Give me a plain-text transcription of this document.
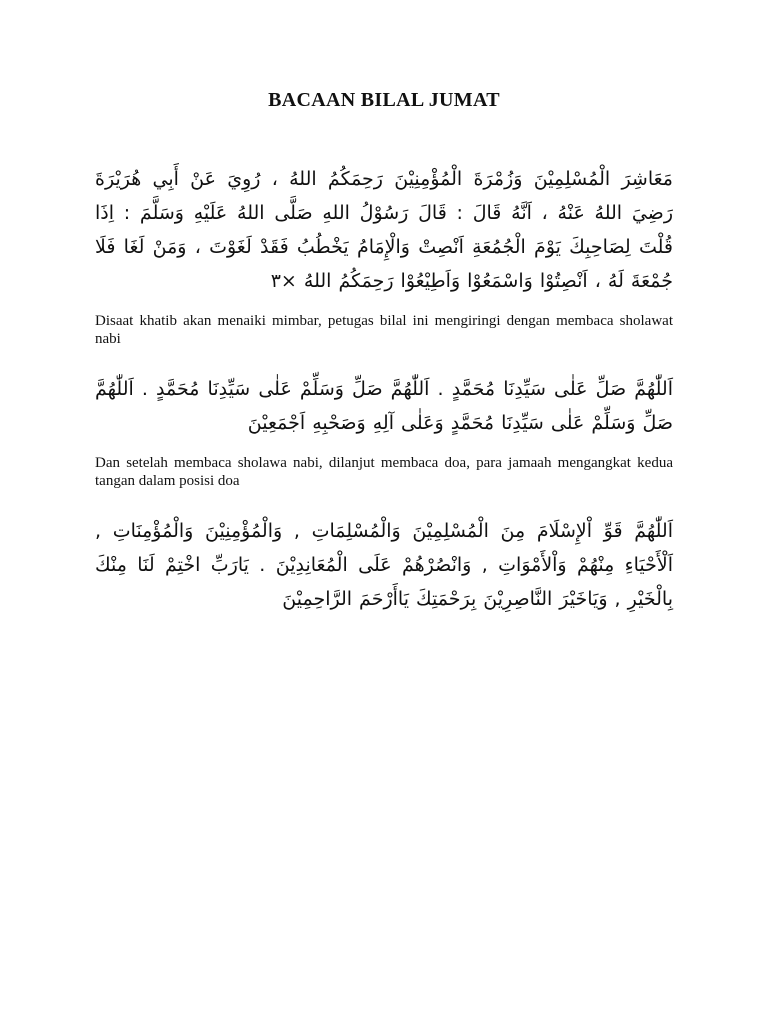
BACAAN BILAL JUMAT

مَعَاشِرَ الْمُسْلِمِيْنَ وَزُمْرَةَ الْمُؤْمِنِيْنَ رَحِمَكُمُ اللهُ ، رُوِيَ عَنْ أَبِي هُرَيْرَةَ رَضِيَ اللهُ عَنْهُ ، اَنَّهُ قَالَ : قَالَ رَسُوْلُ اللهِ صَلَّى اللهُ عَلَيْهِ وَسَلَّمَ : اِذَا قُلْتَ لِصَاحِبِكَ يَوْمَ الْجُمُعَةِ اَنْصِتْ وَالْإِمَامُ يَخْطُبُ فَقَدْ لَغَوْتَ ، وَمَنْ لَغَا فَلَا جُمْعَةَ لَهُ ، اَنْصِتُوْا وَاسْمَعُوْا وَاَطِيْعُوْا رَحِمَكُمُ اللهُ ×٣

Disaat khatib akan menaiki mimbar, petugas bilal ini mengiringi dengan membaca sholawat nabi

اَللّٰهُمَّ صَلِّ عَلٰى سَيِّدِنَا مُحَمَّدٍ . اَللّٰهُمَّ صَلِّ وَسَلِّمْ عَلٰى سَيِّدِنَا مُحَمَّدٍ . اَللّٰهُمَّ صَلِّ وَسَلِّمْ عَلٰى سَيِّدِنَا مُحَمَّدٍ وَعَلٰى آلِهِ وَصَحْبِهِ اَجْمَعِيْنَ

Dan setelah membaca sholawa nabi, dilanjut membaca doa, para jamaah mengangkat kedua tangan dalam posisi doa

اَللّٰهُمَّ قَوِّ اْلإِسْلَامَ مِنَ الْمُسْلِمِيْنَ وَالْمُسْلِمَاتِ , وَالْمُؤْمِنِيْنَ وَالْمُؤْمِنَاتِ , اَلْأَحْيَاءِ مِنْهُمْ وَاْلأَمْوَاتِ , وَانْصُرْهُمْ عَلَى الْمُعَانِدِيْنَ . يَارَبِّ اخْتِمْ لَنَا مِنْكَ بِالْخَيْرِ , وَيَاخَيْرَ النَّاصِرِيْنَ بِرَحْمَتِكَ يَاأَرْحَمَ الرَّاحِمِيْنَ
